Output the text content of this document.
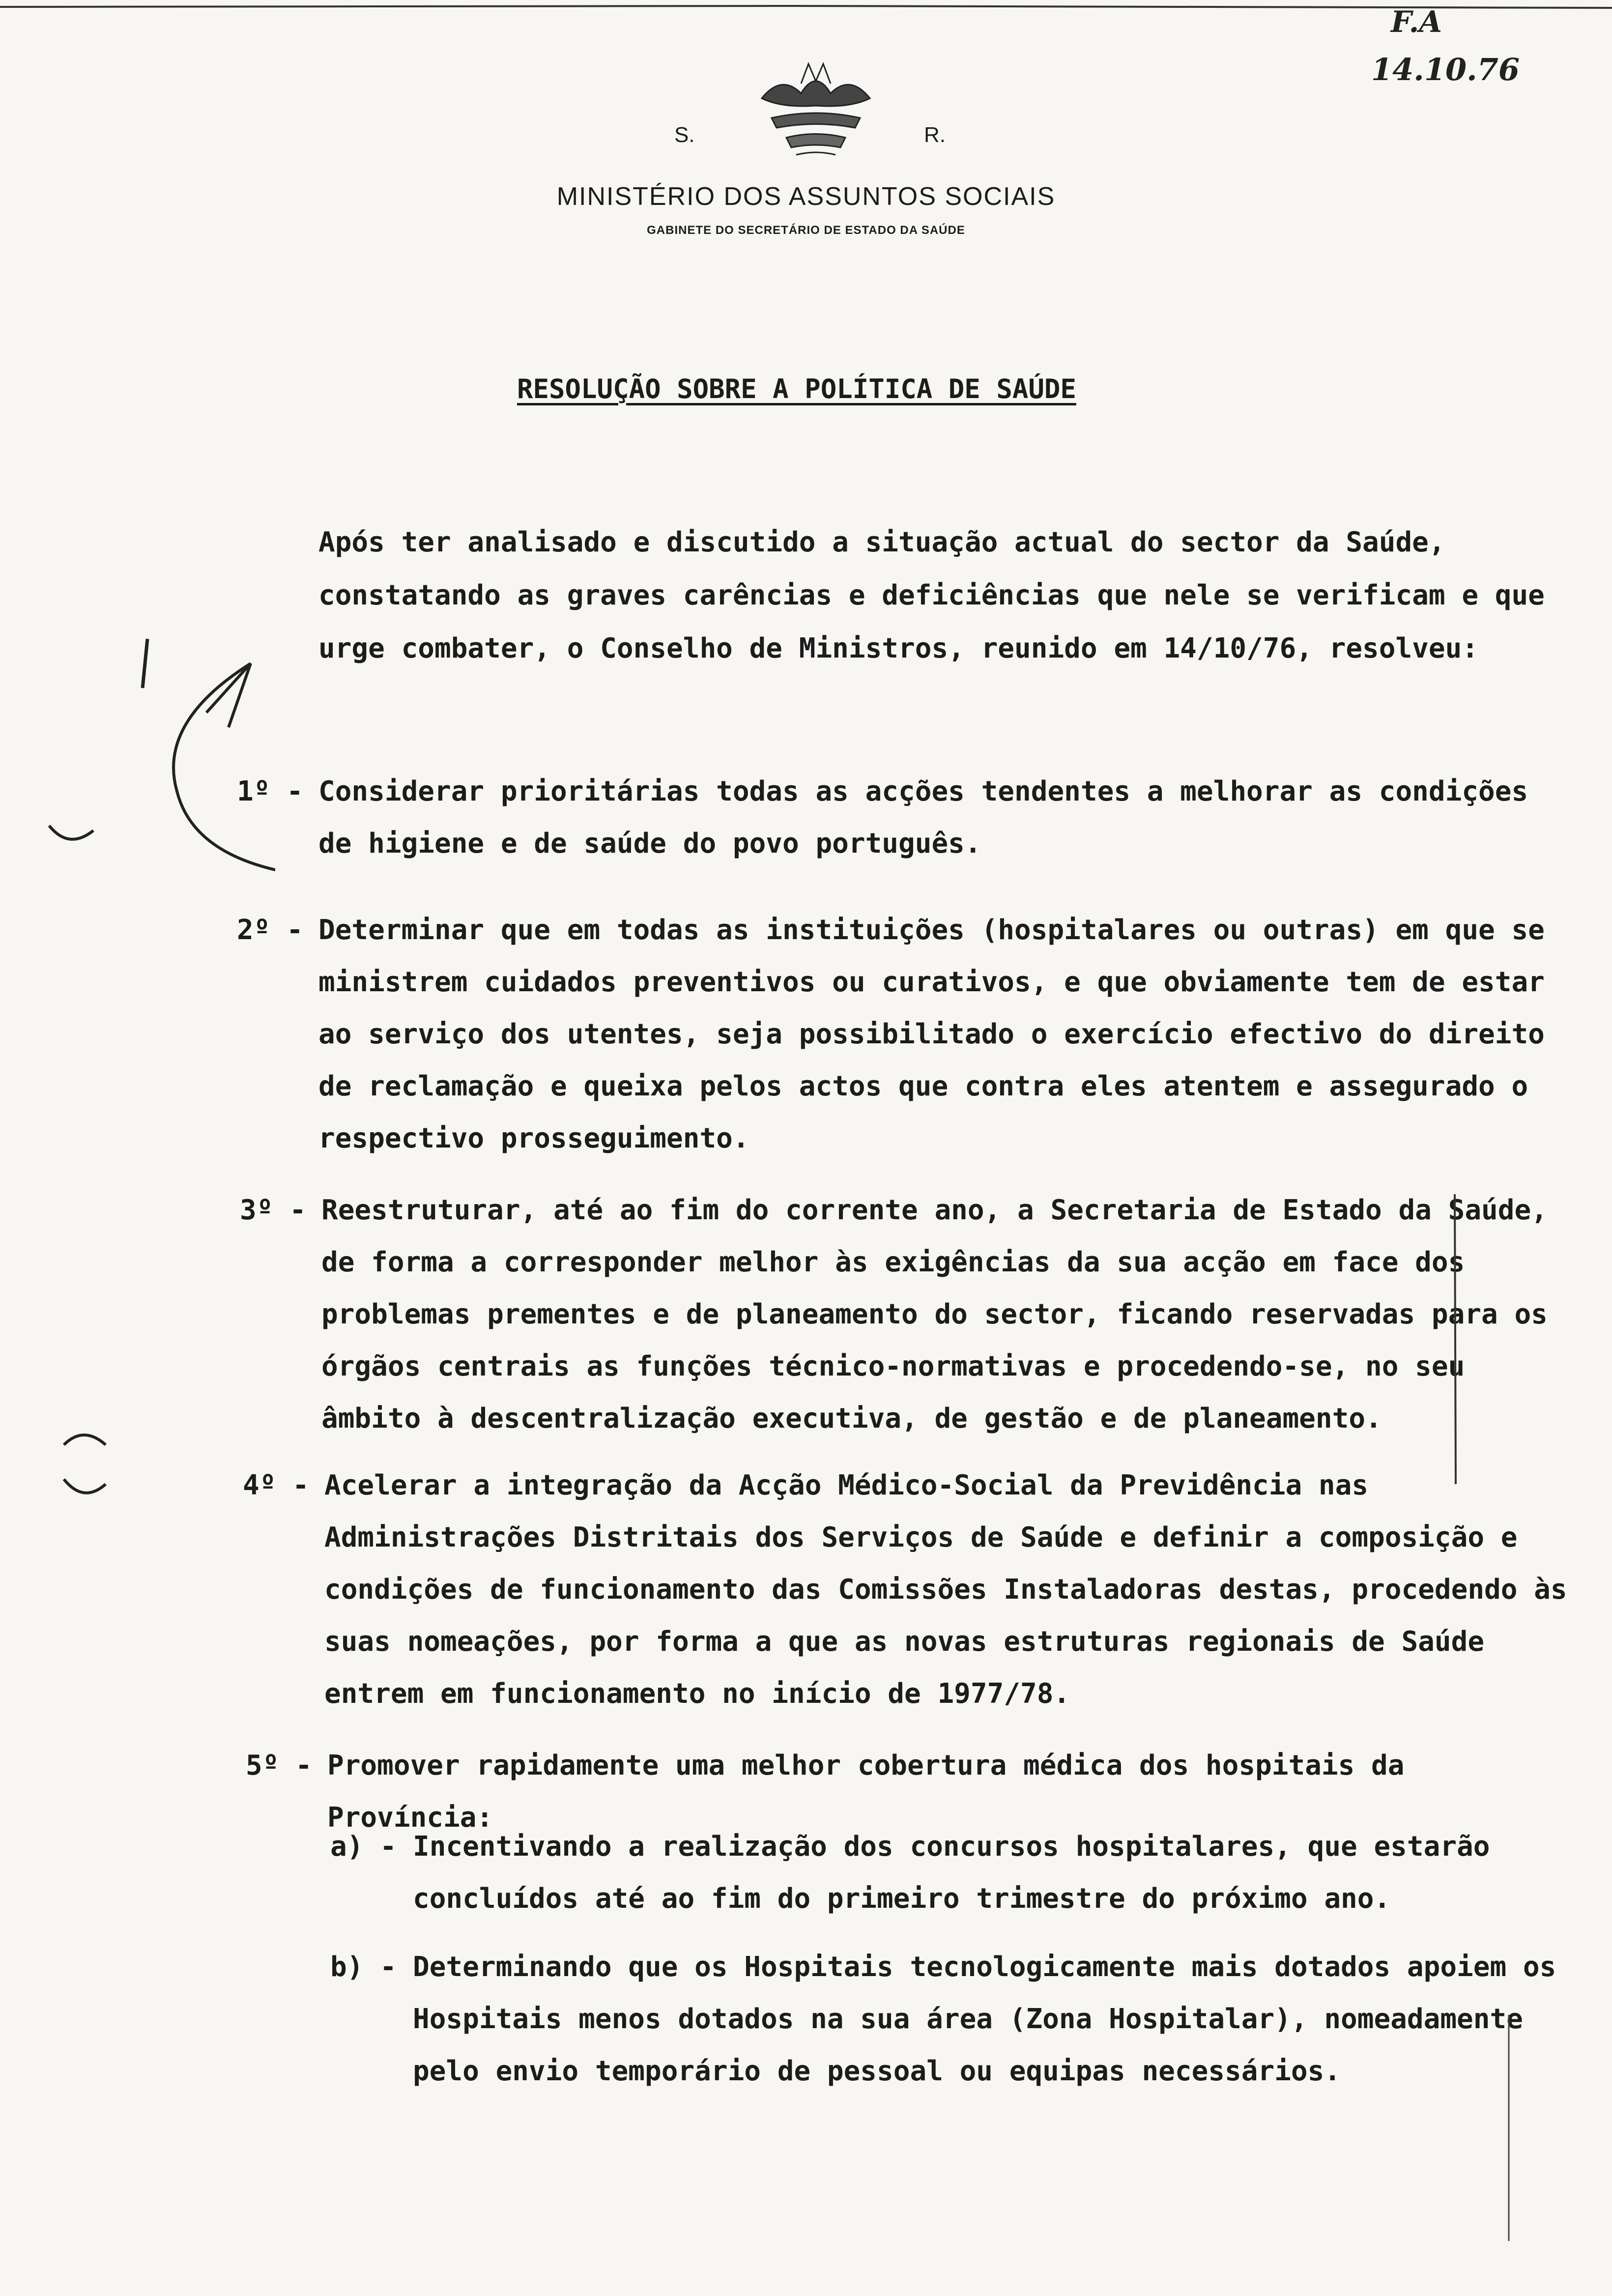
F.A
14.10.76
S.	R.
MINISTÉRIO DOS ASSUNTOS SOCIAIS
GABINETE DO SECRETÁRIO DE ESTADO DA SAÚDE
RESOLUÇÃO SOBRE A POLÍTICA DE SAÚDE

Após ter analisado e discutido a situação actual do sector da Saúde, constatando as graves carências e deficiências que nele se verificam e que urge combater, o Conselho de Ministros, reunido em 14/10/76, resolveu:

1º - Considerar prioritárias todas as acções tendentes a melhorar as condições de higiene e de saúde do povo português.

2º - Determinar que em todas as instituições (hospitalares ou outras) em que se ministrem cuidados preventivos ou curativos, e que obviamente tem de estar ao serviço dos utentes, seja possibilitado o exercício efectivo do direito de reclamação e queixa pelos actos que contra eles atentem e assegurado o respectivo prosseguimento.

3º - Reestruturar, até ao fim do corrente ano, a Secretaria de Estado da Saúde, de forma a corresponder melhor às exigências da sua acção em face dos problemas prementes e de planeamento do sector, ficando reservadas para os órgãos centrais as funções técnico-normativas e procedendo-se, no seu âmbito à descentralização executiva, de gestão e de planeamento.

4º - Acelerar a integração da Acção Médico-Social da Previdência nas Administrações Distritais dos Serviços de Saúde e definir a composição e condições de funcionamento das Comissões Instaladoras destas, procedendo às suas nomeações, por forma a que as novas estruturas regionais de Saúde entrem em funcionamento no início de 1977/78.

5º - Promover rapidamente uma melhor cobertura médica dos hospitais da Província:

a) - Incentivando a realização dos concursos hospitalares, que estarão concluídos até ao fim do primeiro trimestre do próximo ano.

b) - Determinando que os Hospitais tecnologicamente mais dotados apoiem os Hospitais menos dotados na sua área (Zona Hospitalar), nomeadamente pelo envio temporário de pessoal ou equipas necessários.
